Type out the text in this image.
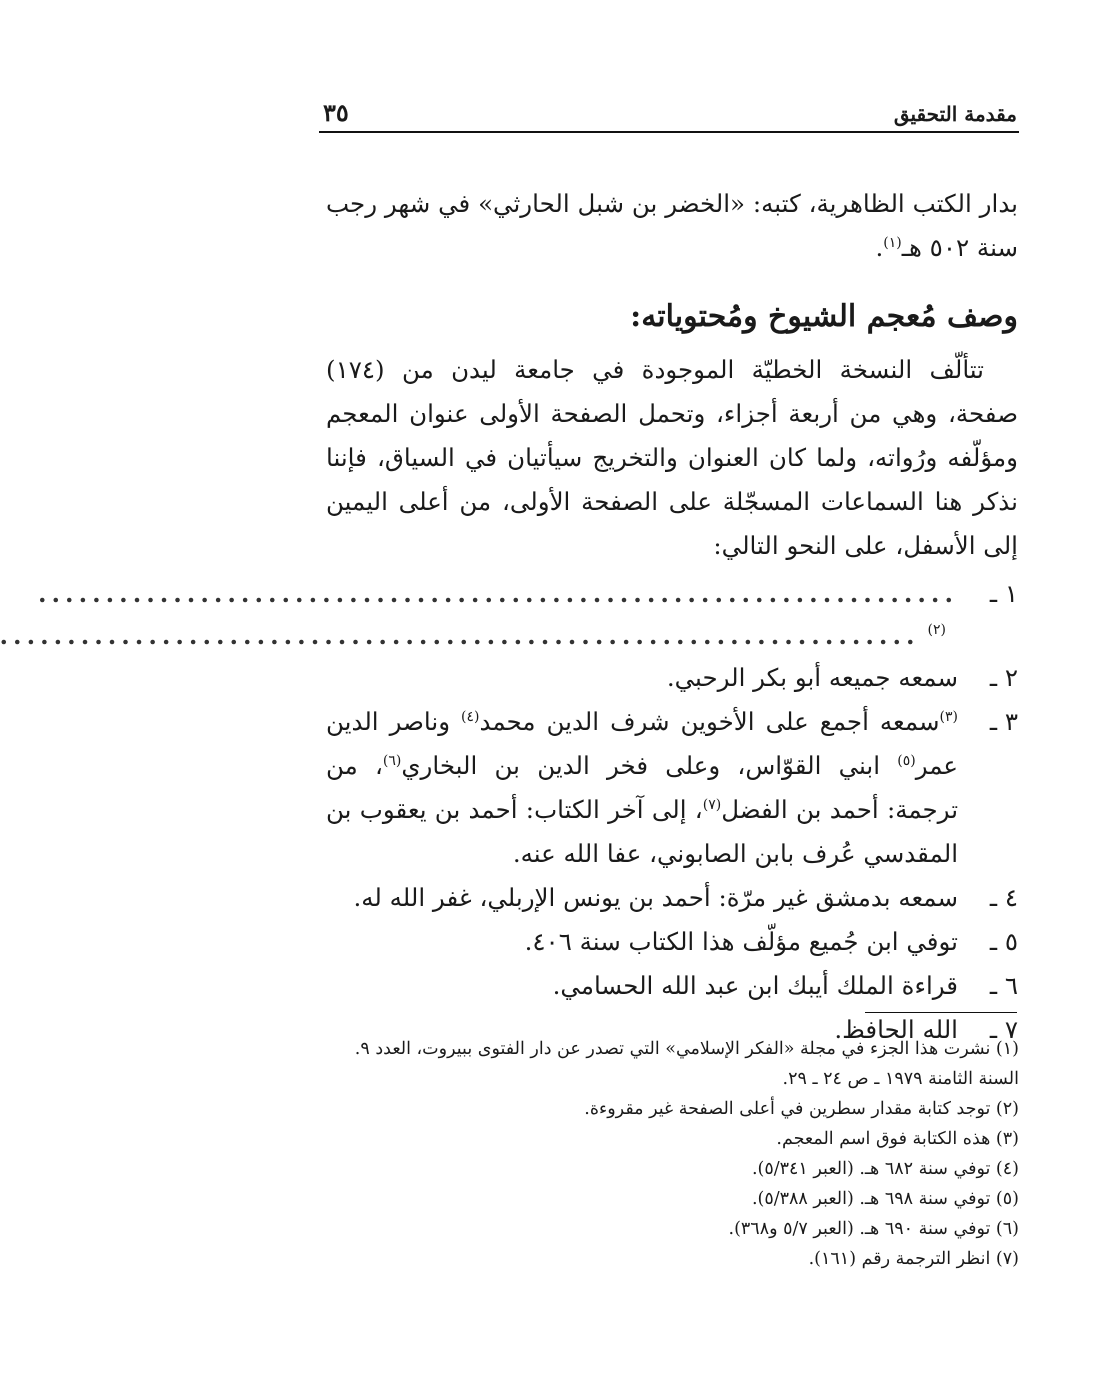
مقدمة التحقيق
٣٥

بدار الكتب الظاهرية، كتبه: «الخضر بن شبل الحارثي» في شهر رجب سنة ٥٠٢ هـ$^{(١)}$.

وصف مُعجم الشيوخ ومُحتوياته:

تتألّف النسخة الخطيّة الموجودة في جامعة ليدن من (١٧٤) صفحة، وهي من أربعة أجزاء، وتحمل الصفحة الأولى عنوان المعجم ومؤلّفه ورُواته، ولما كان العنوان والتخريج سيأتيان في السياق، فإننا نذكر هنا السماعات المسجّلة على الصفحة الأولى، من أعلى اليمين إلى الأسفل، على النحو التالي:

١ ـ
....................................................................
(٢)
....................................................................
٢ ـ
سمعه جميعه أبو بكر الرحبي.
٣ ـ
$^{(٣)}$سمعه أجمع على الأخوين شرف الدين محمد$^{(٤)}$ وناصر الدين عمر$^{(٥)}$ ابني القوّاس، وعلى فخر الدين بن البخاري$^{(٦)}$، من ترجمة: أحمد بن الفضل$^{(٧)}$، إلى آخر الكتاب: أحمد بن يعقوب بن المقدسي عُرف بابن الصابوني، عفا الله عنه.
٤ ـ
سمعه بدمشق غير مرّة: أحمد بن يونس الإربلي، غفر الله له.
٥ ـ
توفي ابن جُميع مؤلّف هذا الكتاب سنة ٤٠٦.
٦ ـ
قراءة الملك أيبك ابن عبد الله الحسامي.
٧ ـ
الله الحافظ.

(١) نشرت هذا الجزء في مجلة «الفكر الإسلامي» التي تصدر عن دار الفتوى ببيروت، العدد ٩.

السنة الثامنة ١٩٧٩ ـ ص ٢٤ ـ ٢٩.

(٢) توجد كتابة مقدار سطرين في أعلى الصفحة غير مقروءة.

(٣) هذه الكتابة فوق اسم المعجم.

(٤) توفي سنة ٦٨٢ هـ. (العبر ٥/٣٤١).

(٥) توفي سنة ٦٩٨ هـ. (العبر ٥/٣٨٨).

(٦) توفي سنة ٦٩٠ هـ. (العبر ٥/٧ و٣٦٨).

(٧) انظر الترجمة رقم (١٦١).
